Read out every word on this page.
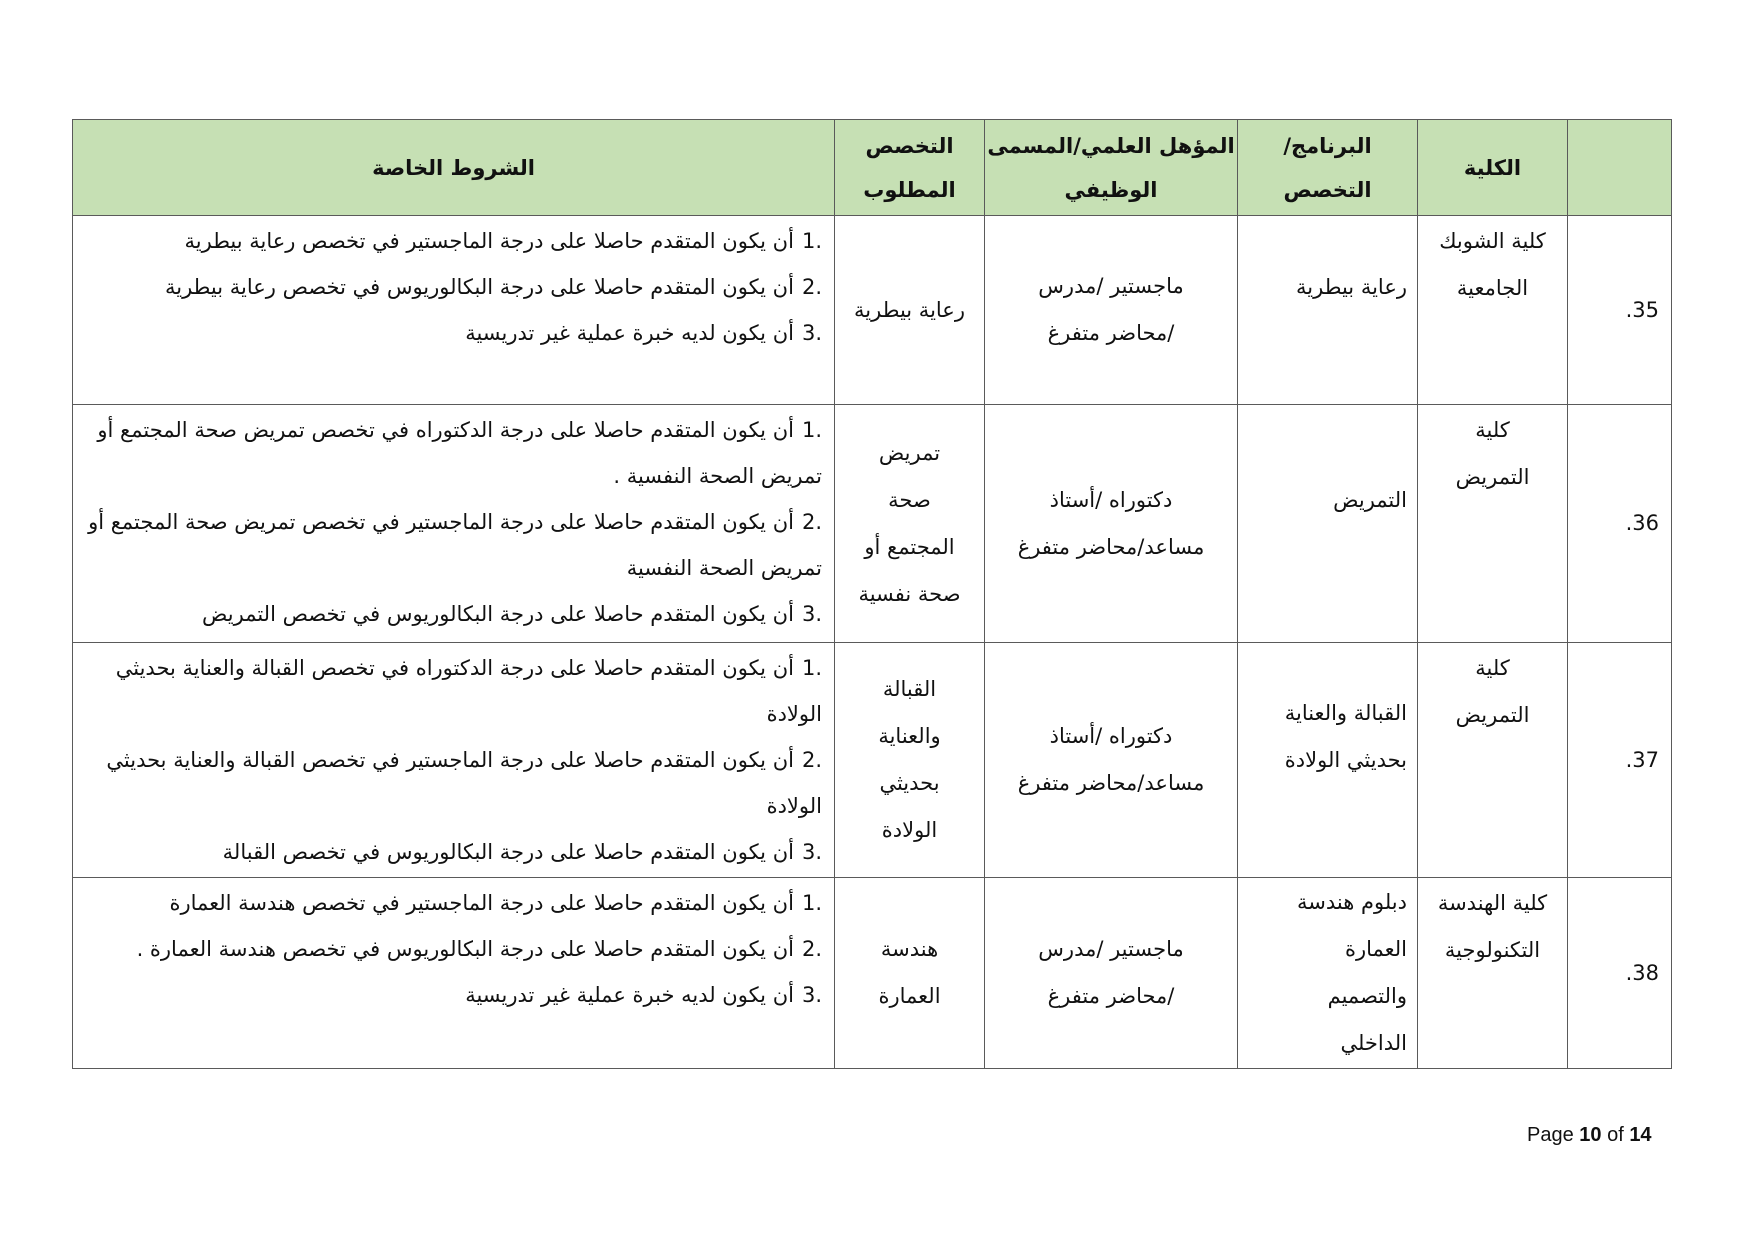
الكلية
البرنامج/
التخصص
المؤهل العلمي/المسمى
الوظيفي
التخصص
المطلوب
الشروط الخاصة
35.
كلية الشوبك
الجامعية
رعاية بيطرية
ماجستير /مدرس
/محاضر متفرغ
رعاية بيطرية
1.أن يكون المتقدم حاصلا على درجة الماجستير في تخصص رعاية بيطرية
2.أن يكون المتقدم حاصلا على درجة البكالوريوس في تخصص رعاية بيطرية
3.أن يكون لديه خبرة عملية غير تدريسية
36.
كلية
التمريض
التمريض
دكتوراه /أستاذ
مساعد/محاضر متفرغ
تمريض
صحة
المجتمع أو
صحة نفسية
1.أن يكون المتقدم حاصلا على درجة الدكتوراه في تخصص تمريض صحة المجتمع أو تمريض الصحة النفسية .
2.أن يكون المتقدم حاصلا على درجة الماجستير في تخصص تمريض صحة المجتمع أو تمريض الصحة النفسية
3.أن يكون المتقدم حاصلا على درجة البكالوريوس في تخصص التمريض
37.
كلية
التمريض
القبالة والعناية
بحديثي الولادة
دكتوراه /أستاذ
مساعد/محاضر متفرغ
القبالة
والعناية
بحديثي
الولادة
1.أن يكون المتقدم حاصلا على درجة الدكتوراه في تخصص القبالة والعناية بحديثي الولادة
2.أن يكون المتقدم حاصلا على درجة الماجستير في تخصص القبالة والعناية بحديثي الولادة
3.أن يكون المتقدم حاصلا على درجة البكالوريوس في تخصص القبالة
38.
كلية الهندسة
التكنولوجية
دبلوم هندسة
العمارة
والتصميم
الداخلي
ماجستير /مدرس
/محاضر متفرغ
هندسة
العمارة
1.أن يكون المتقدم حاصلا على درجة الماجستير في تخصص هندسة العمارة
2.أن يكون المتقدم حاصلا على درجة البكالوريوس في تخصص هندسة العمارة .
3.أن يكون لديه خبرة عملية غير تدريسية
Page 10 of 14
